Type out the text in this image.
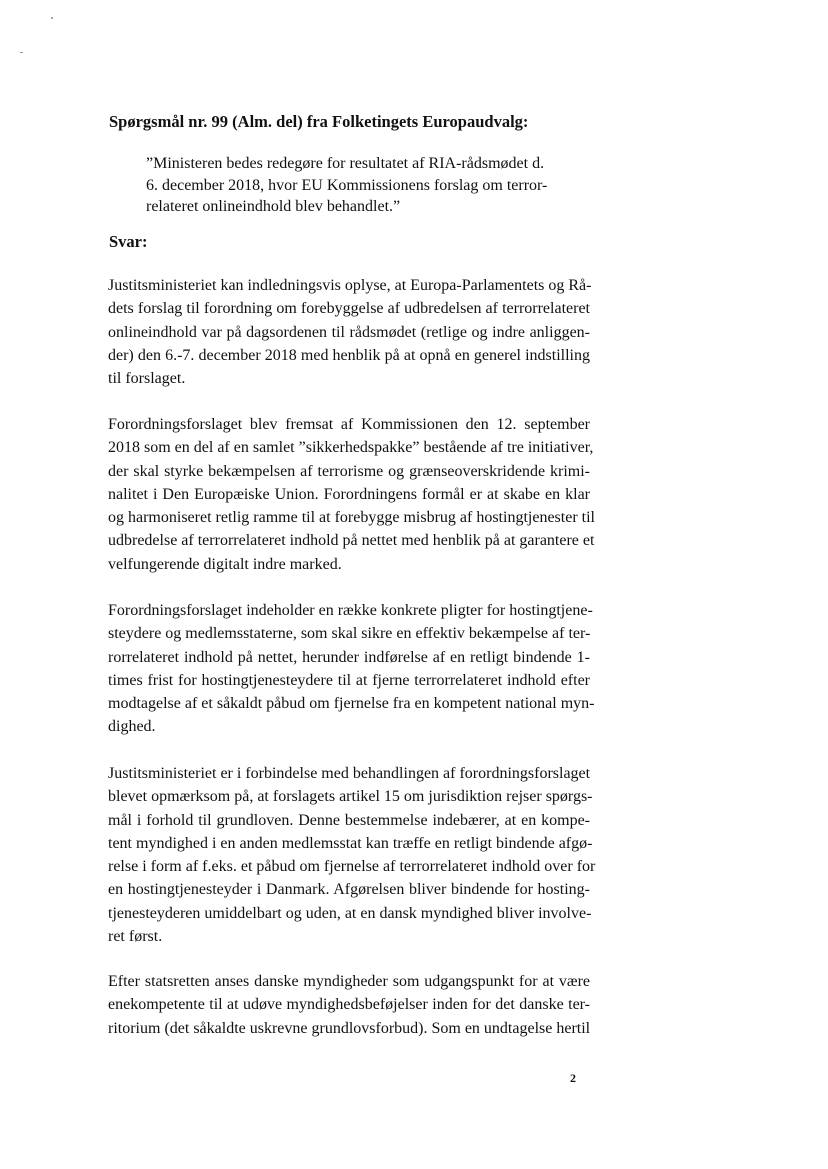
Spørgsmål nr. 99 (Alm. del) fra Folketingets Europaudvalg:
”Ministeren bedes redegøre for resultatet af RIA-rådsmødet d.
6. december 2018, hvor EU Kommissionens forslag om terror-
relateret onlineindhold blev behandlet.”
Svar:
Justitsministeriet kan indledningsvis oplyse, at Europa-Parlamentets og Rå-
dets forslag til forordning om forebyggelse af udbredelsen af terrorrelateret
onlineindhold var på dagsordenen til rådsmødet (retlige og indre anliggen-
der) den 6.-7. december 2018 med henblik på at opnå en generel indstilling
til forslaget.
Forordningsforslaget blev fremsat af Kommissionen den 12. september
2018 som en del af en samlet ”sikkerhedspakke” bestående af tre initiativer,
der skal styrke bekæmpelsen af terrorisme og grænseoverskridende krimi-
nalitet i Den Europæiske Union. Forordningens formål er at skabe en klar
og harmoniseret retlig ramme til at forebygge misbrug af hostingtjenester til
udbredelse af terrorrelateret indhold på nettet med henblik på at garantere et
velfungerende digitalt indre marked.
Forordningsforslaget indeholder en række konkrete pligter for hostingtjene-
steydere og medlemsstaterne, som skal sikre en effektiv bekæmpelse af ter-
rorrelateret indhold på nettet, herunder indførelse af en retligt bindende 1-
times frist for hostingtjenesteydere til at fjerne terrorrelateret indhold efter
modtagelse af et såkaldt påbud om fjernelse fra en kompetent national myn-
dighed.
Justitsministeriet er i forbindelse med behandlingen af forordningsforslaget
blevet opmærksom på, at forslagets artikel 15 om jurisdiktion rejser spørgs-
mål i forhold til grundloven. Denne bestemmelse indebærer, at en kompe-
tent myndighed i en anden medlemsstat kan træffe en retligt bindende afgø-
relse i form af f.eks. et påbud om fjernelse af terrorrelateret indhold over for
en hostingtjenesteyder i Danmark. Afgørelsen bliver bindende for hosting-
tjenesteyderen umiddelbart og uden, at en dansk myndighed bliver involve-
ret først.
Efter statsretten anses danske myndigheder som udgangspunkt for at være
enekompetente til at udøve myndighedsbeføjelser inden for det danske ter-
ritorium (det såkaldte uskrevne grundlovsforbud). Som en undtagelse hertil
2
